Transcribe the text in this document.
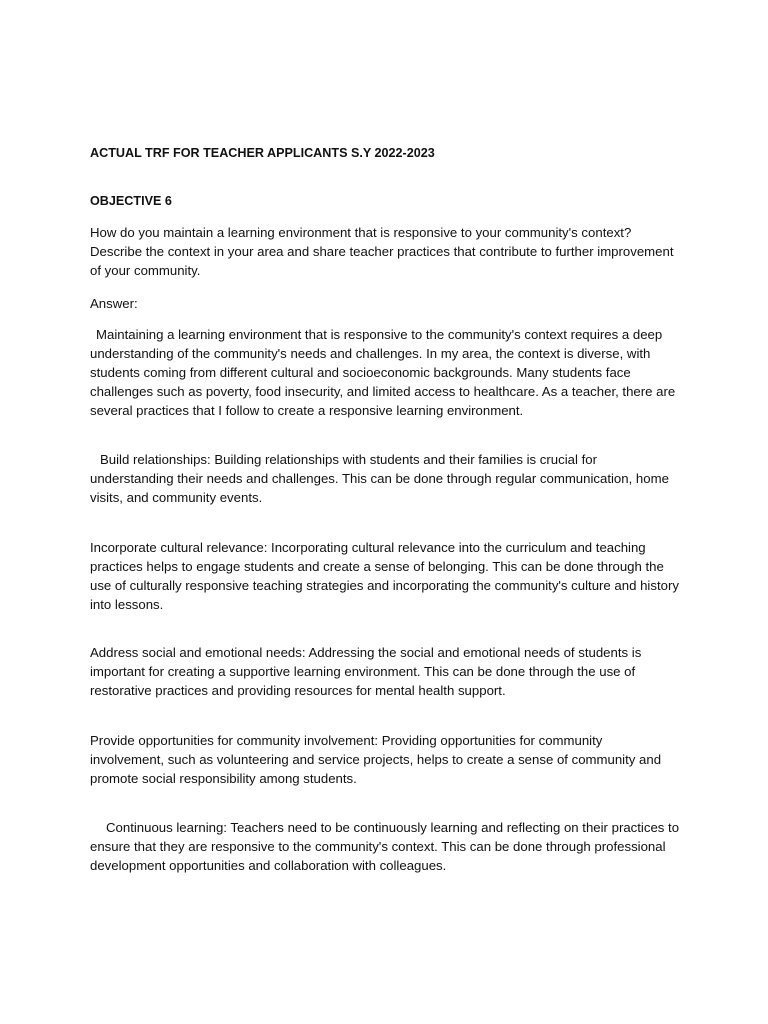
ACTUAL TRF FOR TEACHER APPLICANTS S.Y 2022-2023

OBJECTIVE 6

How do you maintain a learning environment that is responsive to your community's context? Describe the context in your area and share teacher practices that contribute to further improvement of your community.

Answer:

Maintaining a learning environment that is responsive to the community's context requires a deep understanding of the community's needs and challenges. In my area, the context is diverse, with students coming from different cultural and socioeconomic backgrounds. Many students face challenges such as poverty, food insecurity, and limited access to healthcare. As a teacher, there are several practices that I follow to create a responsive learning environment.

Build relationships: Building relationships with students and their families is crucial for understanding their needs and challenges. This can be done through regular communication, home visits, and community events.

Incorporate cultural relevance: Incorporating cultural relevance into the curriculum and teaching practices helps to engage students and create a sense of belonging. This can be done through the use of culturally responsive teaching strategies and incorporating the community's culture and history into lessons.

Address social and emotional needs: Addressing the social and emotional needs of students is important for creating a supportive learning environment. This can be done through the use of restorative practices and providing resources for mental health support.

Provide opportunities for community involvement: Providing opportunities for community involvement, such as volunteering and service projects, helps to create a sense of community and promote social responsibility among students.

Continuous learning: Teachers need to be continuously learning and reflecting on their practices to ensure that they are responsive to the community's context. This can be done through professional development opportunities and collaboration with colleagues.
